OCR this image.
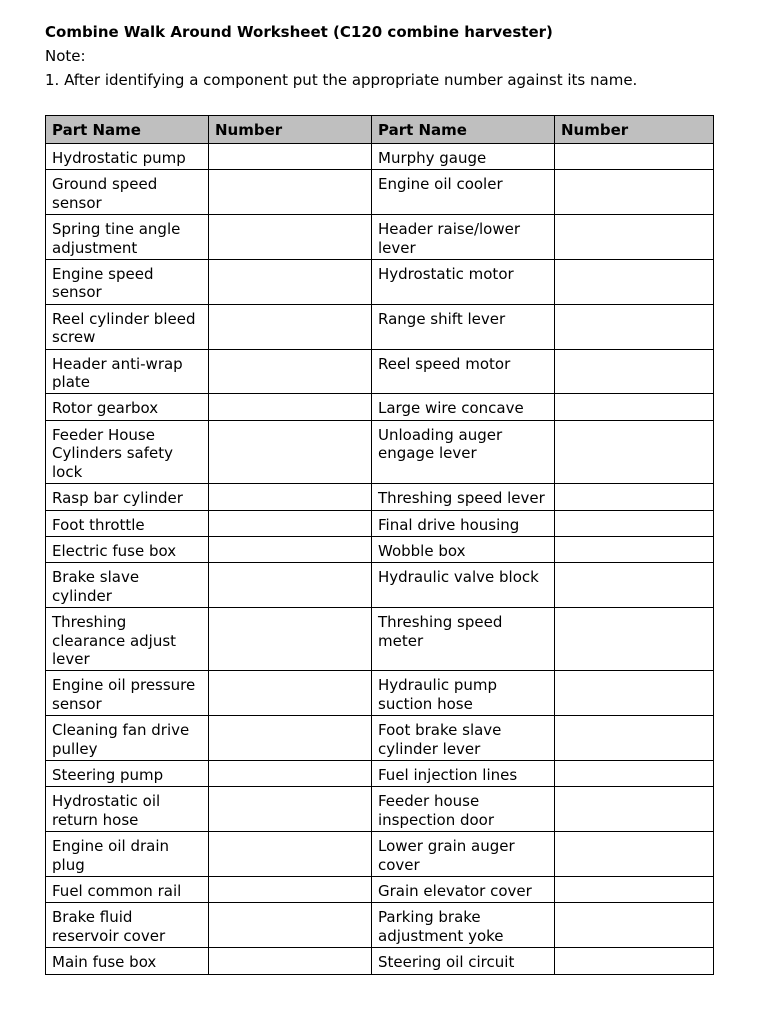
Combine Walk Around Worksheet (C120 combine harvester)

Note:

1. After identifying a component put the appropriate number against its name.

Part Name	Number	Part Name	Number
Hydrostatic pump		Murphy gauge	
Ground speed sensor		Engine oil cooler	
Spring tine angle adjustment		Header raise/lower lever	
Engine speed sensor		Hydrostatic motor	
Reel cylinder bleed screw		Range shift lever	
Header anti-wrap plate		Reel speed motor	
Rotor gearbox		Large wire concave	
Feeder House Cylinders safety lock		Unloading auger engage lever	
Rasp bar cylinder		Threshing speed lever	
Foot throttle		Final drive housing	
Electric fuse box		Wobble box	
Brake slave cylinder		Hydraulic valve block	
Threshing clearance adjust lever		Threshing speed meter	
Engine oil pressure sensor		Hydraulic pump suction hose	
Cleaning fan drive pulley		Foot brake slave cylinder lever	
Steering pump		Fuel injection lines	
Hydrostatic oil return hose		Feeder house inspection door	
Engine oil drain plug		Lower grain auger cover	
Fuel common rail		Grain elevator cover	
Brake fluid reservoir cover		Parking brake adjustment yoke	
Main fuse box		Steering oil circuit	
